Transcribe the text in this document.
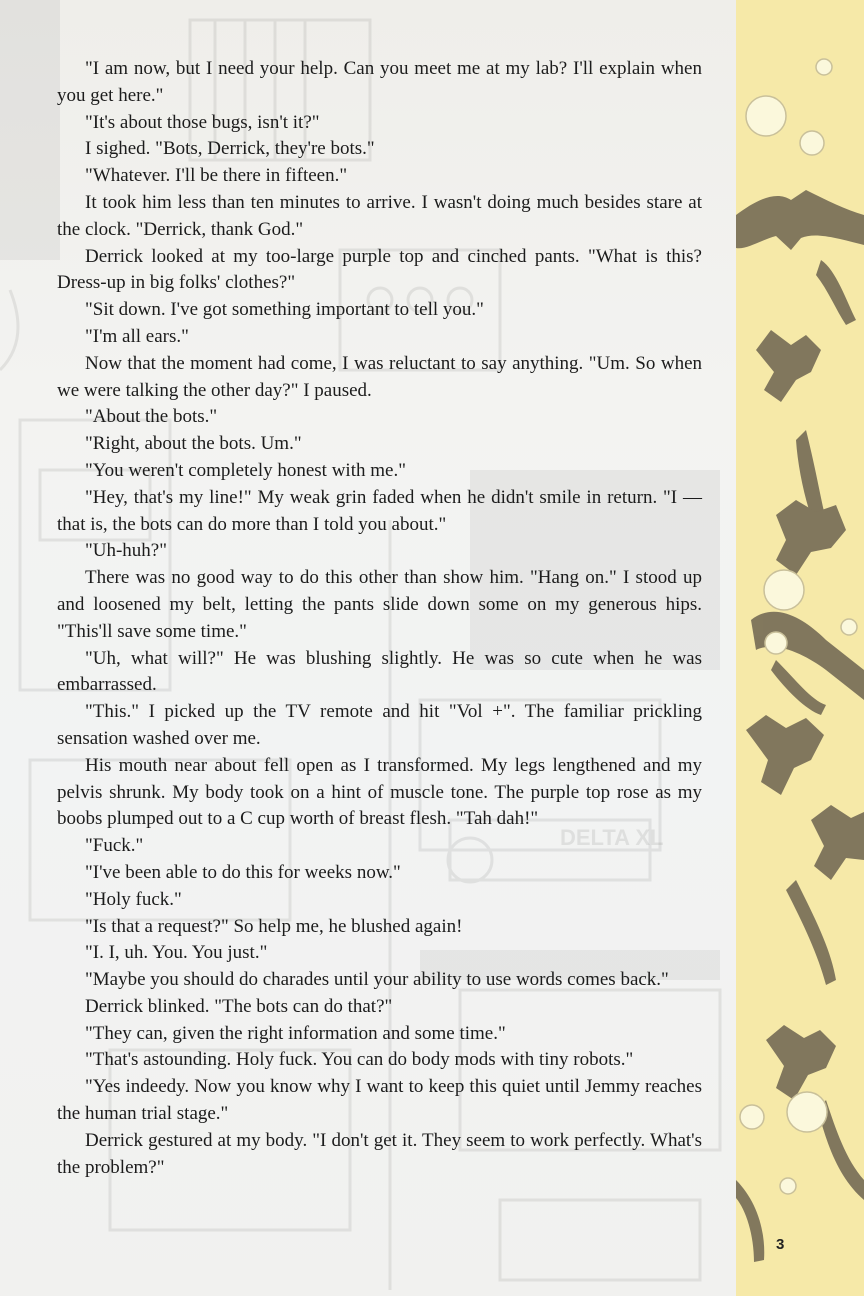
DELTA XL

"I am now, but I need your help. Can you meet me at my lab? I'll explain when you get here."

"It's about those bugs, isn't it?"

I sighed. "Bots, Derrick, they're bots."

"Whatever. I'll be there in fifteen."

It took him less than ten minutes to arrive. I wasn't doing much besides stare at the clock. "Derrick, thank God."

Derrick looked at my too-large purple top and cinched pants. "What is this? Dress-up in big folks' clothes?"

"Sit down. I've got something important to tell you."

"I'm all ears."

Now that the moment had come, I was reluctant to say anything. "Um. So when we were talking the other day?" I paused.

"About the bots."

"Right, about the bots. Um."

"You weren't completely honest with me."

"Hey, that's my line!" My weak grin faded when he didn't smile in return. "I — that is, the bots can do more than I told you about."

"Uh-huh?"

There was no good way to do this other than show him. "Hang on." I stood up and loosened my belt, letting the pants slide down some on my generous hips. "This'll save some time."

"Uh, what will?" He was blushing slightly. He was so cute when he was embarrassed.

"This." I picked up the TV remote and hit "Vol +". The familiar prickling sensation washed over me.

His mouth near about fell open as I transformed. My legs lengthened and my pelvis shrunk. My body took on a hint of muscle tone. The purple top rose as my boobs plumped out to a C cup worth of breast flesh. "Tah dah!"

"Fuck."

"I've been able to do this for weeks now."

"Holy fuck."

"Is that a request?" So help me, he blushed again!

"I. I, uh. You. You just."

"Maybe you should do charades until your ability to use words comes back."

Derrick blinked. "The bots can do that?"

"They can, given the right information and some time."

"That's astounding. Holy fuck. You can do body mods with tiny robots."

"Yes indeedy. Now you know why I want to keep this quiet until Jemmy reaches the human trial stage."

Derrick gestured at my body. "I don't get it. They seem to work perfectly. What's the problem?"

3
